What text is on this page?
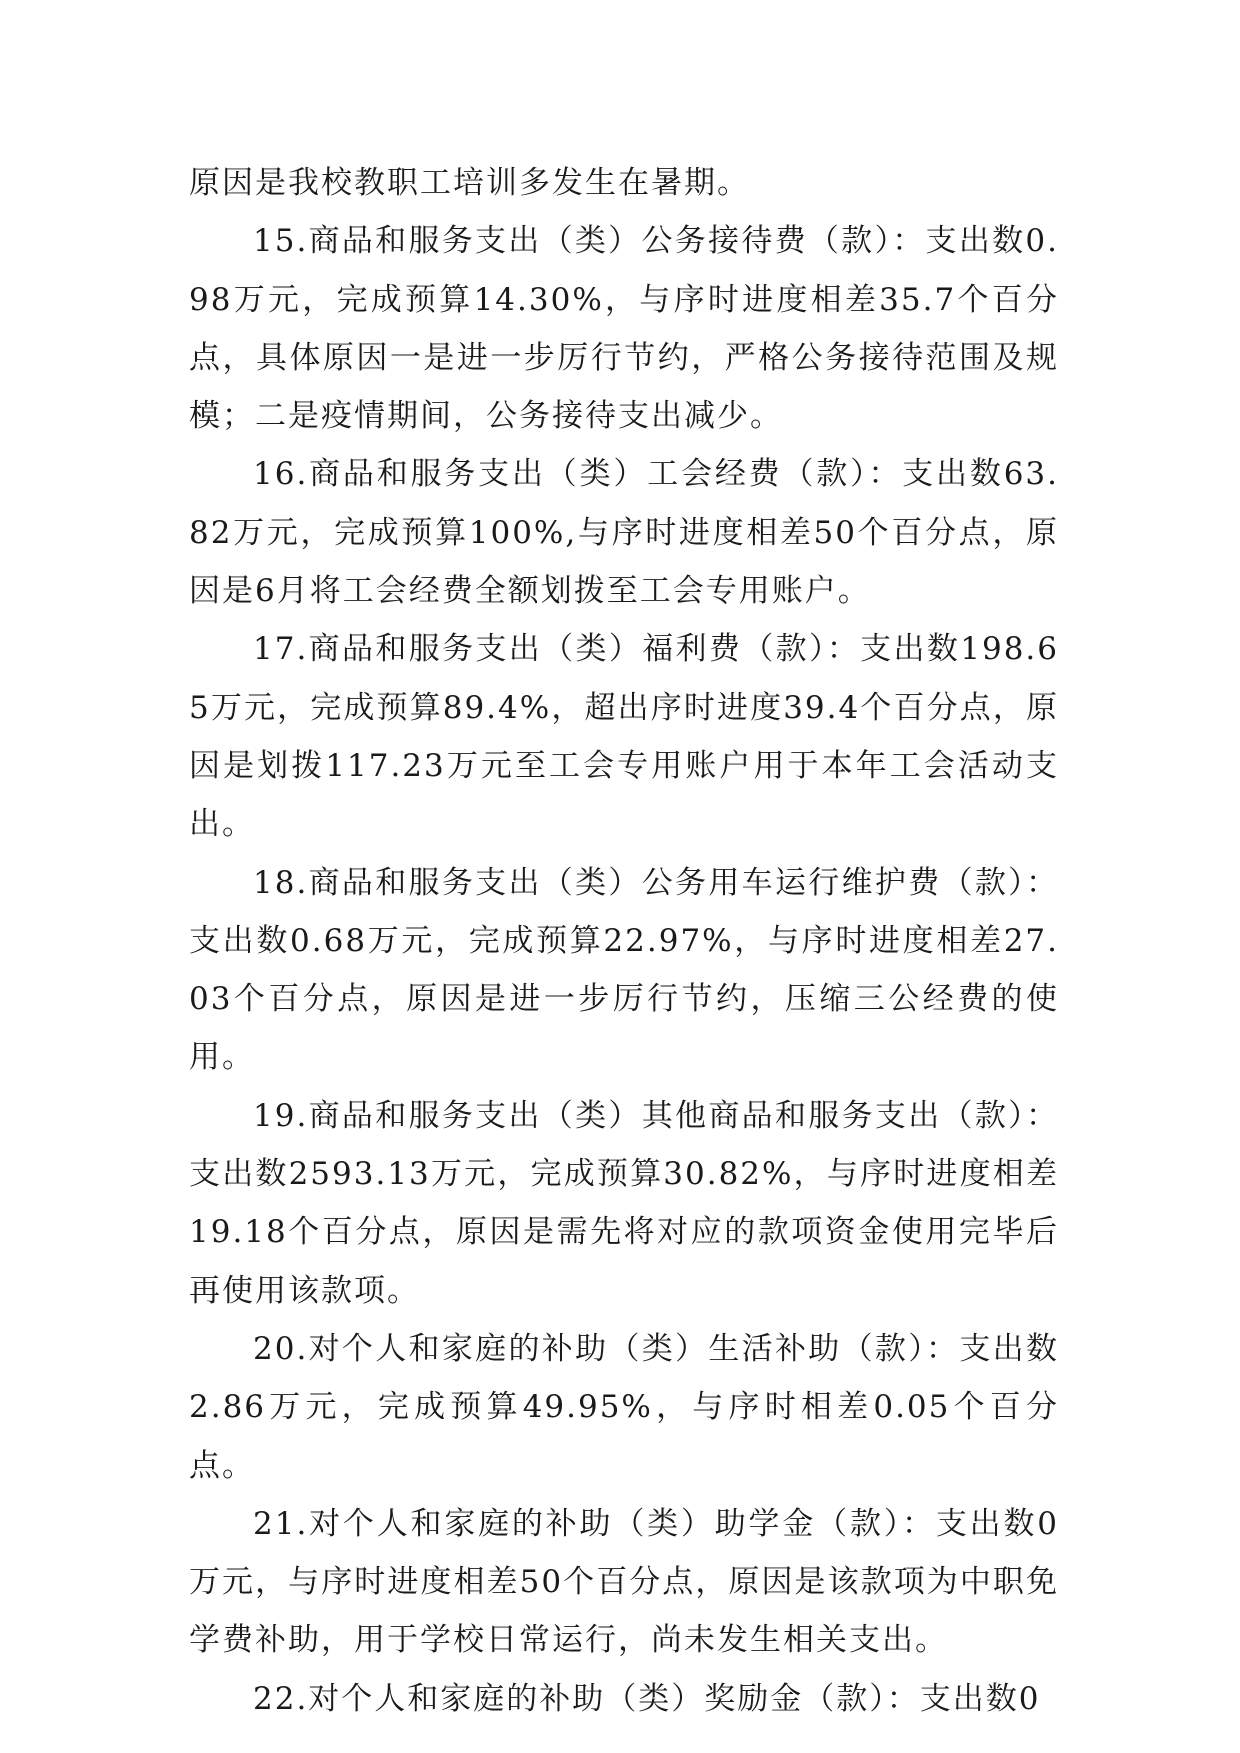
原因是我校教职工培训多发生在暑期。

15.商品和服务支出（类）公务接待费（款）：支出数0.98万元，完成预算14.30%，与序时进度相差35.7个百分点，具体原因一是进一步厉行节约，严格公务接待范围及规模；二是疫情期间，公务接待支出减少。

16.商品和服务支出（类）工会经费（款）：支出数63.82万元，完成预算100%,与序时进度相差50个百分点，原因是6月将工会经费全额划拨至工会专用账户。

17.商品和服务支出（类）福利费（款）：支出数198.65万元，完成预算89.4%，超出序时进度39.4个百分点，原因是划拨117.23万元至工会专用账户用于本年工会活动支出。

18.商品和服务支出（类）公务用车运行维护费（款）：支出数0.68万元，完成预算22.97%，与序时进度相差27.03个百分点，原因是进一步厉行节约，压缩三公经费的使用。

19.商品和服务支出（类）其他商品和服务支出（款）：支出数2593.13万元，完成预算30.82%，与序时进度相差19.18个百分点，原因是需先将对应的款项资金使用完毕后再使用该款项。

20.对个人和家庭的补助（类）生活补助（款）：支出数2.86万元，完成预算49.95%，与序时相差0.05个百分点。

21.对个人和家庭的补助（类）助学金（款）：支出数0万元，与序时进度相差50个百分点，原因是该款项为中职免学费补助，用于学校日常运行，尚未发生相关支出。

22.对个人和家庭的补助（类）奖励金（款）：支出数0
